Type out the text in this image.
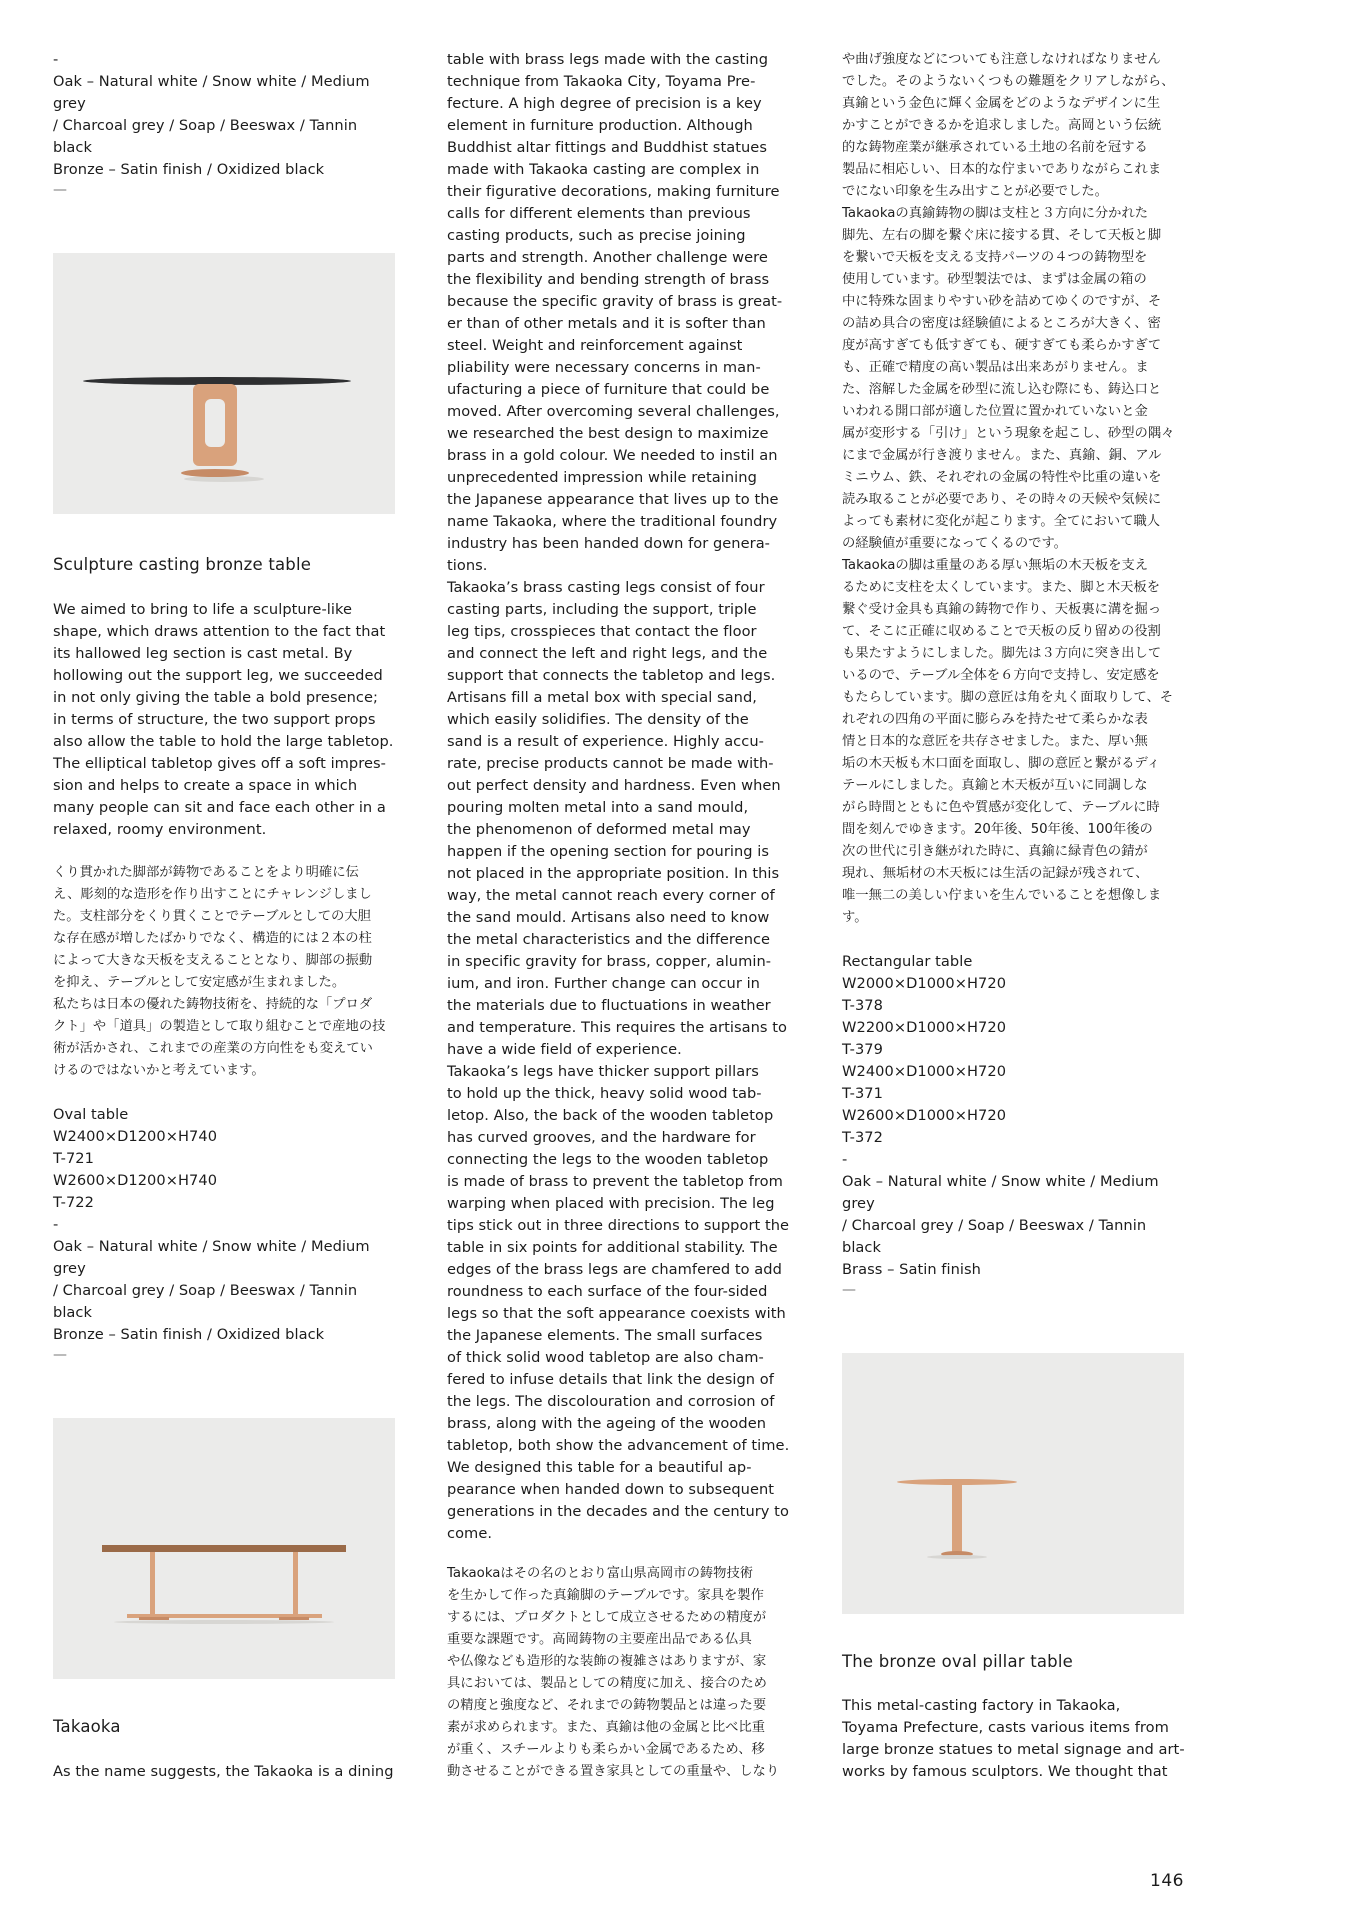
-
Oak – Natural white / Snow white / Medium grey
/ Charcoal grey / Soap / Beeswax / Tannin black
Bronze – Satin finish / Oxidized black

—
Sculpture casting bronze table

We aimed to bring to life a sculpture-like
shape, which draws attention to the fact that
its hallowed leg section is cast metal. By
hollowing out the support leg, we succeeded
in not only giving the table a bold presence;
in terms of structure, the two support props
also allow the table to hold the large tabletop.
The elliptical tabletop gives off a soft impres-
sion and helps to create a space in which
many people can sit and face each other in a
relaxed, roomy environment.

くり貫かれた脚部が鋳物であることをより明確に伝
え、彫刻的な造形を作り出すことにチャレンジしまし
た。支柱部分をくり貫くことでテーブルとしての大胆
な存在感が増したばかりでなく、構造的には２本の柱
によって大きな天板を支えることとなり、脚部の振動
を抑え、テーブルとして安定感が生まれました。
私たちは日本の優れた鋳物技術を、持続的な「プロダ
クト」や「道具」の製造として取り組むことで産地の技
術が活かされ、これまでの産業の方向性をも変えてい
けるのではないかと考えています。

Oval table
W2400×D1200×H740
T-721
W2600×D1200×H740
T-722
-
Oak – Natural white / Snow white / Medium grey
/ Charcoal grey / Soap / Beeswax / Tannin black
Bronze – Satin finish / Oxidized black

—
Takaoka

As the name suggests, the Takaoka is a dining

table with brass legs made with the casting
technique from Takaoka City, Toyama Pre-
fecture. A high degree of precision is a key
element in furniture production. Although
Buddhist altar fittings and Buddhist statues
made with Takaoka casting are complex in
their figurative decorations, making furniture
calls for different elements than previous
casting products, such as precise joining
parts and strength. Another challenge were
the flexibility and bending strength of brass
because the specific gravity of brass is great-
er than of other metals and it is softer than
steel. Weight and reinforcement against
pliability were necessary concerns in man-
ufacturing a piece of furniture that could be
moved. After overcoming several challenges,
we researched the best design to maximize
brass in a gold colour. We needed to instil an
unprecedented impression while retaining
the Japanese appearance that lives up to the
name Takaoka, where the traditional foundry
industry has been handed down for genera-
tions.
Takaoka’s brass casting legs consist of four
casting parts, including the support, triple
leg tips, crosspieces that contact the floor
and connect the left and right legs, and the
support that connects the tabletop and legs.
Artisans fill a metal box with special sand,
which easily solidifies. The density of the
sand is a result of experience. Highly accu-
rate, precise products cannot be made with-
out perfect density and hardness. Even when
pouring molten metal into a sand mould,
the phenomenon of deformed metal may
happen if the opening section for pouring is
not placed in the appropriate position. In this
way, the metal cannot reach every corner of
the sand mould. Artisans also need to know
the metal characteristics and the difference
in specific gravity for brass, copper, alumin-
ium, and iron. Further change can occur in
the materials due to fluctuations in weather
and temperature. This requires the artisans to
have a wide field of experience.
Takaoka’s legs have thicker support pillars
to hold up the thick, heavy solid wood tab-
letop. Also, the back of the wooden tabletop
has curved grooves, and the hardware for
connecting the legs to the wooden tabletop
is made of brass to prevent the tabletop from
warping when placed with precision. The leg
tips stick out in three directions to support the
table in six points for additional stability. The
edges of the brass legs are chamfered to add
roundness to each surface of the four-sided
legs so that the soft appearance coexists with
the Japanese elements. The small surfaces
of thick solid wood tabletop are also cham-
fered to infuse details that link the design of
the legs. The discolouration and corrosion of
brass, along with the ageing of the wooden
tabletop, both show the advancement of time.
We designed this table for a beautiful ap-
pearance when handed down to subsequent
generations in the decades and the century to
come.

Takaokaはその名のとおり富山県高岡市の鋳物技術
を生かして作った真鍮脚のテーブルです。家具を製作
するには、プロダクトとして成立させるための精度が
重要な課題です。高岡鋳物の主要産出品である仏具
や仏像なども造形的な装飾の複雑さはありますが、家
具においては、製品としての精度に加え、接合のため
の精度と強度など、それまでの鋳物製品とは違った要
素が求められます。また、真鍮は他の金属と比べ比重
が重く、スチールよりも柔らかい金属であるため、移
動させることができる置き家具としての重量や、しなり

や曲げ強度などについても注意しなければなりません
でした。そのようないくつもの難題をクリアしながら、
真鍮という金色に輝く金属をどのようなデザインに生
かすことができるかを追求しました。高岡という伝統
的な鋳物産業が継承されている土地の名前を冠する
製品に相応しい、日本的な佇まいでありながらこれま
でにない印象を生み出すことが必要でした。
Takaokaの真鍮鋳物の脚は支柱と３方向に分かれた
脚先、左右の脚を繋ぐ床に接する貫、そして天板と脚
を繋いで天板を支える支持パーツの４つの鋳物型を
使用しています。砂型製法では、まずは金属の箱の
中に特殊な固まりやすい砂を詰めてゆくのですが、そ
の詰め具合の密度は経験値によるところが大きく、密
度が高すぎても低すぎても、硬すぎても柔らかすぎて
も、正確で精度の高い製品は出来あがりません。ま
た、溶解した金属を砂型に流し込む際にも、鋳込口と
いわれる開口部が適した位置に置かれていないと金
属が変形する「引け」という現象を起こし、砂型の隅々
にまで金属が行き渡りません。また、真鍮、銅、アル
ミニウム、鉄、それぞれの金属の特性や比重の違いを
読み取ることが必要であり、その時々の天候や気候に
よっても素材に変化が起こります。全てにおいて職人
の経験値が重要になってくるのです。
Takaokaの脚は重量のある厚い無垢の木天板を支え
るために支柱を太くしています。また、脚と木天板を
繋ぐ受け金具も真鍮の鋳物で作り、天板裏に溝を掘っ
て、そこに正確に収めることで天板の反り留めの役割
も果たすようにしました。脚先は３方向に突き出して
いるので、テーブル全体を６方向で支持し、安定感を
もたらしています。脚の意匠は角を丸く面取りして、そ
れぞれの四角の平面に膨らみを持たせて柔らかな表
情と日本的な意匠を共存させました。また、厚い無
垢の木天板も木口面を面取し、脚の意匠と繋がるディ
テールにしました。真鍮と木天板が互いに同調しな
がら時間とともに色や質感が変化して、テーブルに時
間を刻んでゆきます。20年後、50年後、100年後の
次の世代に引き継がれた時に、真鍮に緑青色の錆が
現れ、無垢材の木天板には生活の記録が残されて、
唯一無二の美しい佇まいを生んでいることを想像しま
す。

Rectangular table
W2000×D1000×H720
T-378
W2200×D1000×H720
T-379
W2400×D1000×H720
T-371
W2600×D1000×H720
T-372
-
Oak – Natural white / Snow white / Medium grey
/ Charcoal grey / Soap / Beeswax / Tannin black
Brass – Satin finish

—
The bronze oval pillar table

This metal-casting factory in Takaoka,
Toyama Prefecture, casts various items from
large bronze statues to metal signage and art-
works by famous sculptors. We thought that

146
